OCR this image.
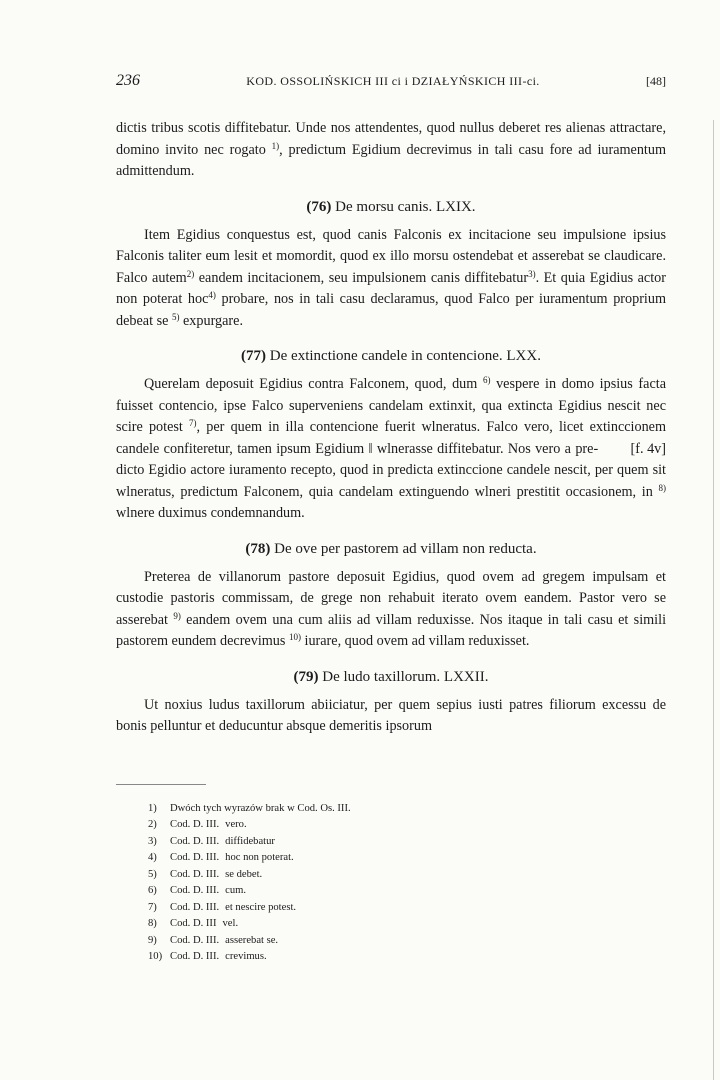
236	KOD. OSSOLIŃSKICH III ci i DZIAŁYŃSKICH III-ci.	[48]

dictis tribus scotis diffitebatur. Unde nos attendentes, quod nullus deberet res alienas attractare, domino invito nec rogato $^{1)}$, predictum Egidium decrevimus in tali casu fore ad iuramentum admittendum.

(76) De morsu canis. LXIX.

Item Egidius conquestus est, quod canis Falconis ex incitacione seu impulsione ipsius Falconis taliter eum lesit et momordit, quod ex illo morsu ostendebat et asserebat se claudicare. Falco autem$^{2)}$ eandem incitacionem, seu impulsionem canis diffitebatur$^{3)}$. Et quia Egidius actor non poterat hoc$^{4)}$ probare, nos in tali casu declaramus, quod Falco per iuramentum proprium debeat se $^{5)}$ expurgare.

(77) De extinctione candele in contencione. LXX.

Querelam deposuit Egidius contra Falconem, quod, dum $^{6)}$ vespere in domo ipsius facta fuisset contencio, ipse Falco superveniens candelam extinxit, qua extincta Egidius nescit nec scire potest $^{7)}$, per quem in illa contencione fuerit wlneratus. Falco vero, licet extinccionem candele confiteretur, tamen ipsum Egidium ‖ wlnerasse diffitebatur. Nos vero a pre- [f. 4v] dicto Egidio actore iuramento recepto, quod in predicta extinccione candele nescit, per quem sit wlneratus, predictum Falconem, quia candelam extinguendo wlneri prestitit occasionem, in $^{8)}$ wlnere duximus condemnandum.

(78) De ove per pastorem ad villam non reducta.

Preterea de villanorum pastore deposuit Egidius, quod ovem ad gregem impulsam et custodie pastoris commissam, de grege non rehabuit iterato ovem eandem. Pastor vero se asserebat $^{9)}$ eandem ovem una cum aliis ad villam reduxisse. Nos itaque in tali casu et simili pastorem eundem decrevimus $^{10)}$ iurare, quod ovem ad villam reduxisset.

(79) De ludo taxillorum. LXXII.

Ut noxius ludus taxillorum abiiciatur, per quem sepius iusti patres filiorum excessu de bonis pelluntur et deducuntur absque demeritis ipsorum

1) Dwóch tych wyrazów brak w Cod. Os. III.
2) Cod. D. III. vero.
3) Cod. D. III. diffidebatur
4) Cod. D. III. hoc non poterat.
5) Cod. D. III. se debet.
6) Cod. D. III. cum.
7) Cod. D. III. et nescire potest.
8) Cod. D. III vel.
9) Cod. D. III. asserebat se.
10) Cod. D. III. crevimus.
